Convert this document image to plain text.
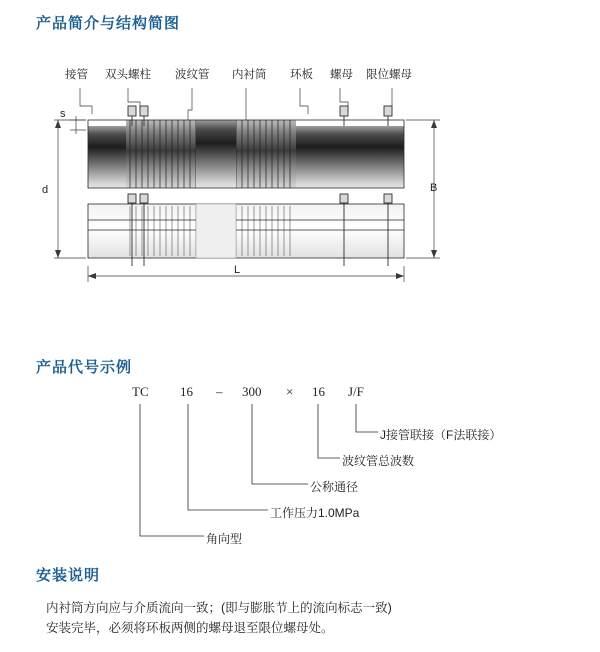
产品简介与结构简图
接管 双头螺柱 波纹管 内衬筒 环板 螺母 限位螺母
s
d	B
L
产品代号示例
TC 16 – 300 × 16 J/F
J接管联接（F法联接）
波纹管总波数
公称通径
工作压力1.0MPa
角向型
安装说明
内衬筒方向应与介质流向一致；(即与膨胀节上的流向标志一致)
安装完毕，必须将环板两侧的螺母退至限位螺母处。
